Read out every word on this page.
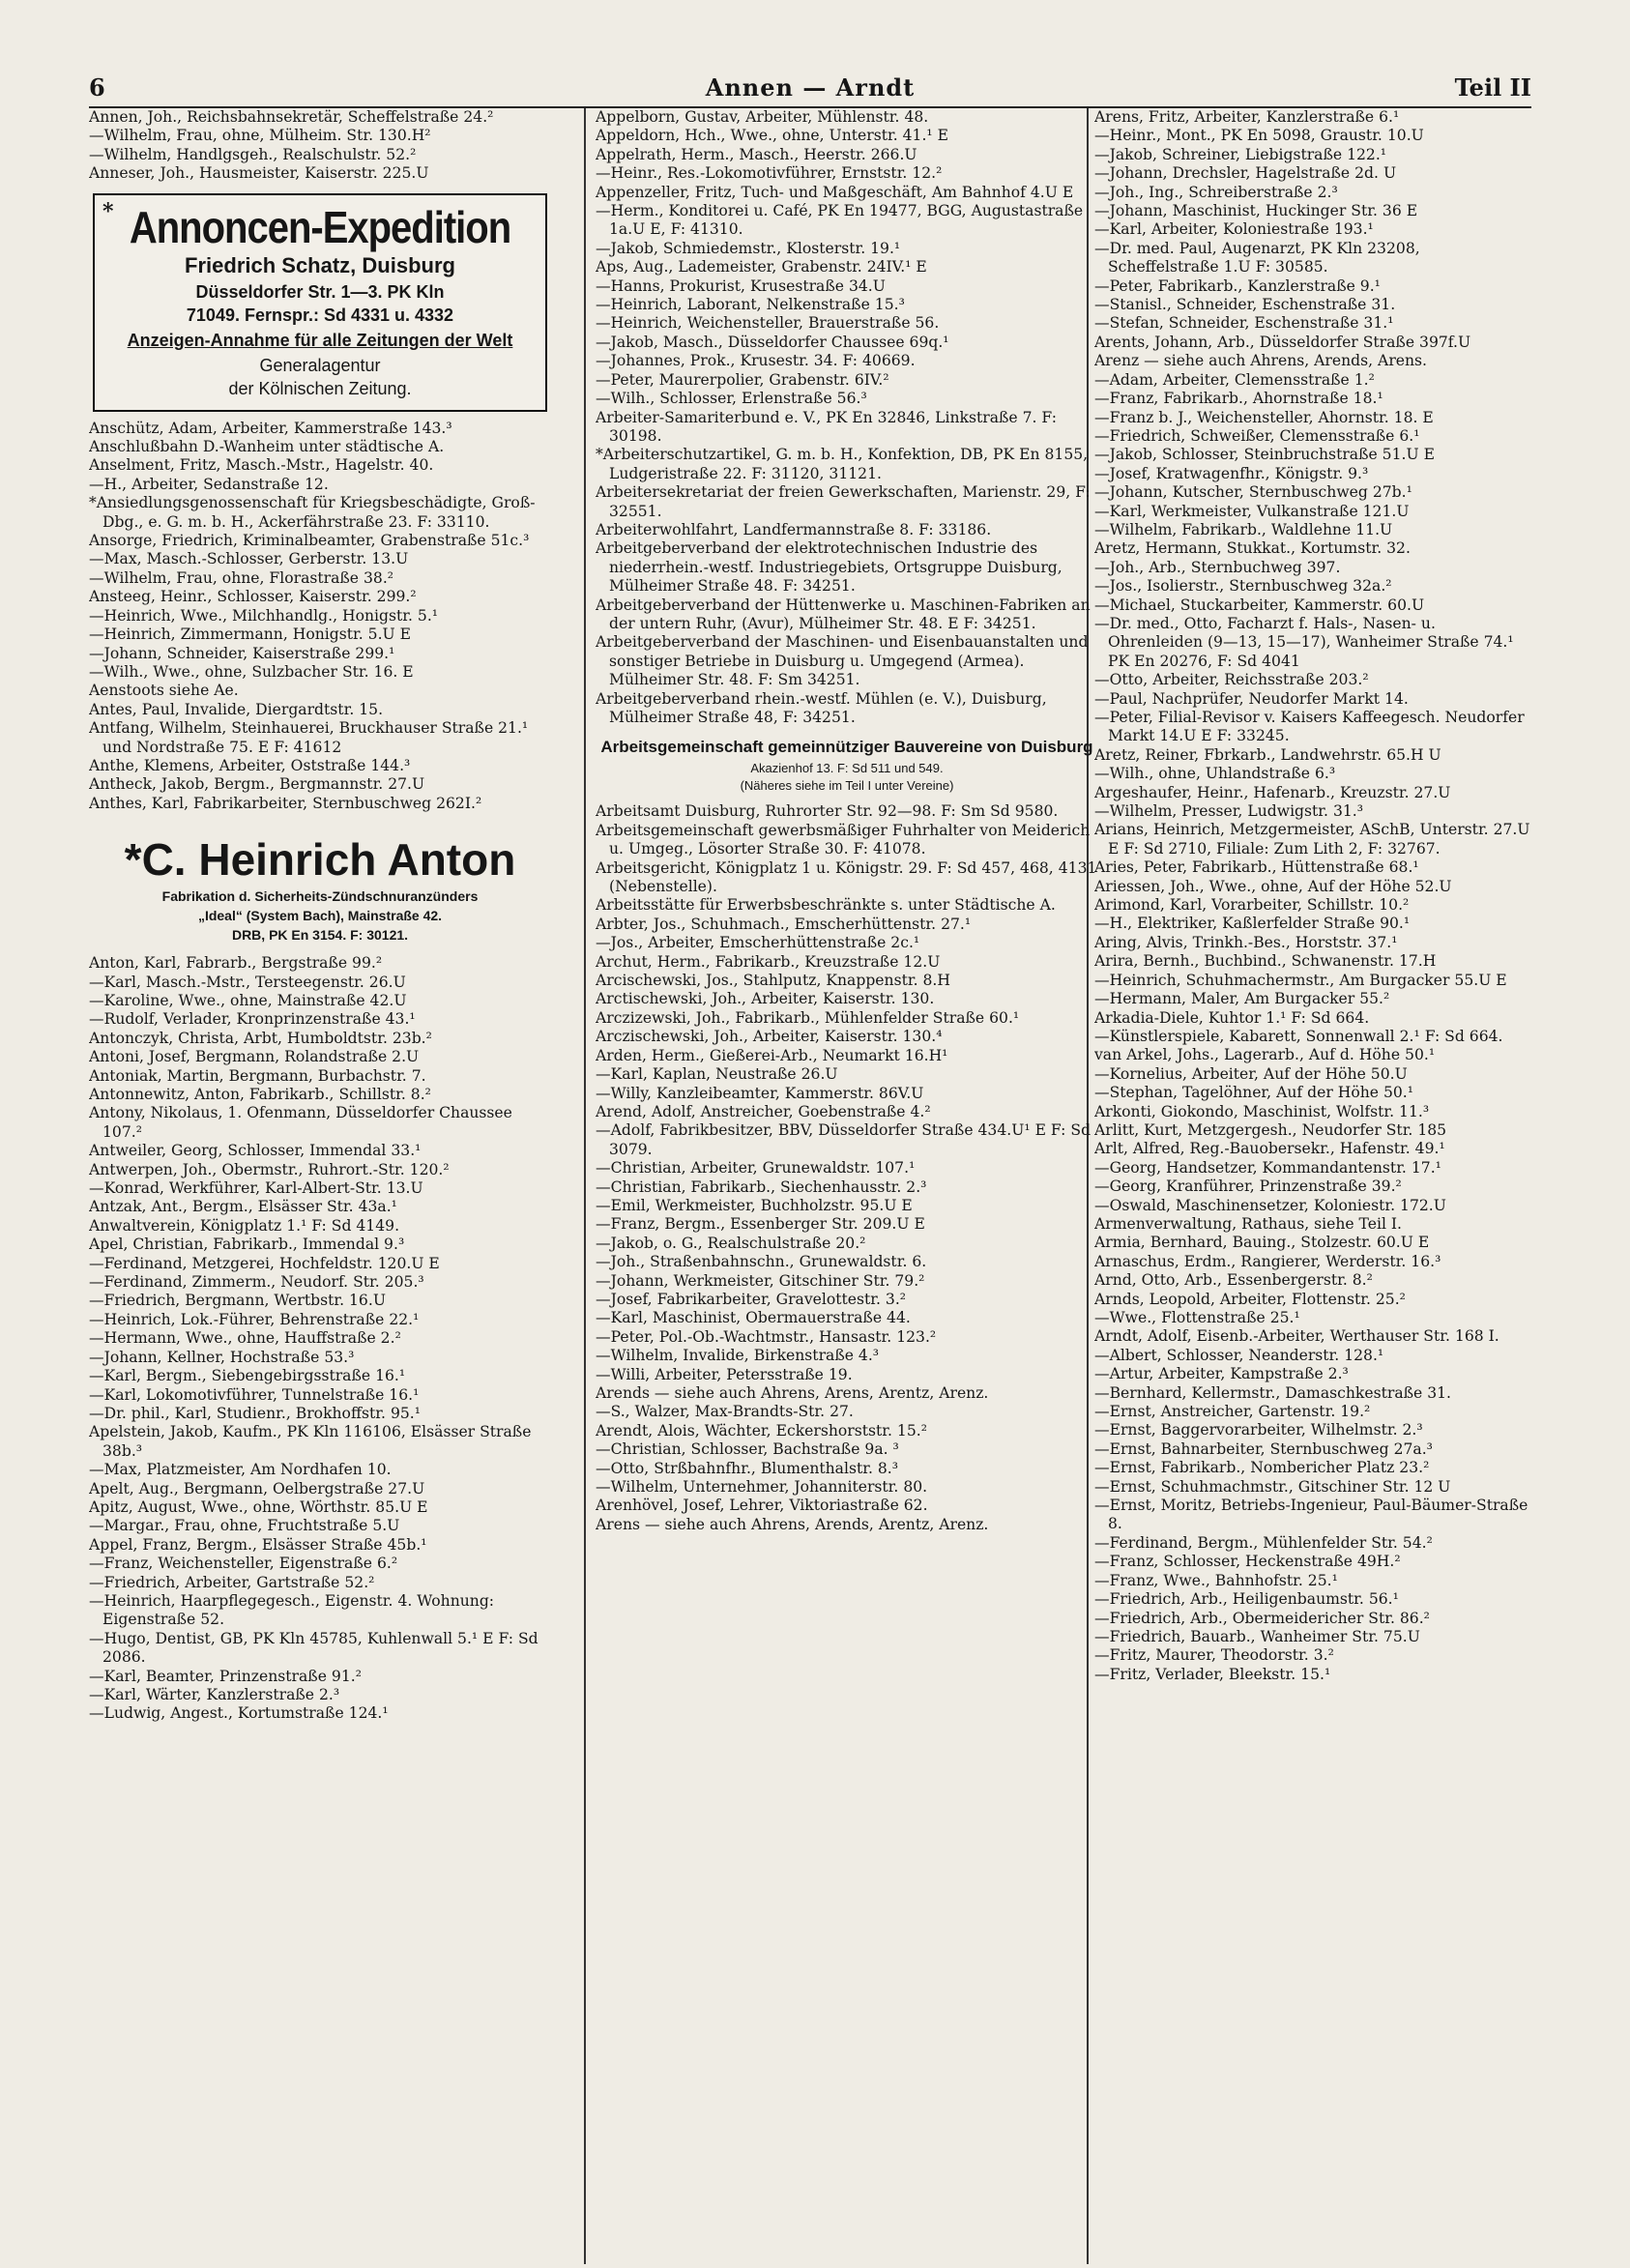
6	Annen — Arndt	Teil II
Annen, Joh., Reichsbahnsekretär, Scheffelstraße 24.²
—Wilhelm, Frau, ohne, Mülheim. Str. 130.H²
—Wilhelm, Handlgsgeh., Realschulstr. 52.²
Anneser, Joh., Hausmeister, Kaiserstr. 225.U
* Annoncen-Expedition
Friedrich Schatz, Duisburg
Düsseldorfer Str. 1—3. PK Kln
71049. Fernspr.: Sd 4331 u. 4332
Anzeigen-Annahme für alle Zeitungen der Welt
Generalagentur
der Kölnischen Zeitung.
Anschütz, Adam, Arbeiter, Kammerstraße 143.³
Anschlußbahn D.-Wanheim unter städtische A.
Anselment, Fritz, Masch.-Mstr., Hagelstr. 40.
—H., Arbeiter, Sedanstraße 12.
*Ansiedlungsgenossenschaft für Kriegsbeschädigte, Groß-Dbg., e. G. m. b. H., Ackerfährstraße 23. F: 33110.
Ansorge, Friedrich, Kriminalbeamter, Grabenstraße 51c.³
—Max, Masch.-Schlosser, Gerberstr. 13.U
—Wilhelm, Frau, ohne, Florastraße 38.²
Ansteeg, Heinr., Schlosser, Kaiserstr. 299.²
—Heinrich, Wwe., Milchhandlg., Honigstr. 5.¹
—Heinrich, Zimmermann, Honigstr. 5.U E
—Johann, Schneider, Kaiserstraße 299.¹
—Wilh., Wwe., ohne, Sulzbacher Str. 16. E
Aenstoots siehe Ae.
Antes, Paul, Invalide, Diergardtstr. 15.
Antfang, Wilhelm, Steinhauerei, Bruckhauser Straße 21.¹ und Nordstraße 75. E F: 41612
Anthe, Klemens, Arbeiter, Oststraße 144.³
Antheck, Jakob, Bergm., Bergmannstr. 27.U
Anthes, Karl, Fabrikarbeiter, Sternbuschweg 262I.²
*C. Heinrich Anton
Fabrikation d. Sicherheits-Zündschnuranzünders
„Ideal“ (System Bach), Mainstraße 42.
DRB, PK En 3154. F: 30121.
Anton, Karl, Fabrarb., Bergstraße 99.²
—Karl, Masch.-Mstr., Tersteegenstr. 26.U
—Karoline, Wwe., ohne, Mainstraße 42.U
—Rudolf, Verlader, Kronprinzenstraße 43.¹
Antonczyk, Christa, Arbt, Humboldtstr. 23b.²
Antoni, Josef, Bergmann, Rolandstraße 2.U
Antoniak, Martin, Bergmann, Burbachstr. 7.
Antonnewitz, Anton, Fabrikarb., Schillstr. 8.²
Antony, Nikolaus, 1. Ofenmann, Düsseldorfer Chaussee 107.²
Antweiler, Georg, Schlosser, Immendal 33.¹
Antwerpen, Joh., Obermstr., Ruhrort.-Str. 120.²
—Konrad, Werkführer, Karl-Albert-Str. 13.U
Antzak, Ant., Bergm., Elsässer Str. 43a.¹
Anwaltverein, Königplatz 1.¹ F: Sd 4149.
Apel, Christian, Fabrikarb., Immendal 9.³
—Ferdinand, Metzgerei, Hochfeldstr. 120.U E
—Ferdinand, Zimmerm., Neudorf. Str. 205.³
—Friedrich, Bergmann, Wertbstr. 16.U
—Heinrich, Lok.-Führer, Behrenstraße 22.¹
—Hermann, Wwe., ohne, Hauffstraße 2.²
—Johann, Kellner, Hochstraße 53.³
—Karl, Bergm., Siebengebirgsstraße 16.¹
—Karl, Lokomotivführer, Tunnelstraße 16.¹
—Dr. phil., Karl, Studienr., Brokhoffstr. 95.¹
Apelstein, Jakob, Kaufm., PK Kln 116106, Elsässer Straße 38b.³
—Max, Platzmeister, Am Nordhafen 10.
Apelt, Aug., Bergmann, Oelbergstraße 27.U
Apitz, August, Wwe., ohne, Wörthstr. 85.U E
—Margar., Frau, ohne, Fruchtstraße 5.U
Appel, Franz, Bergm., Elsässer Straße 45b.¹
—Franz, Weichensteller, Eigenstraße 6.²
—Friedrich, Arbeiter, Gartstraße 52.²
—Heinrich, Haarpflegegesch., Eigenstr. 4. Wohnung: Eigenstraße 52.
—Hugo, Dentist, GB, PK Kln 45785, Kuhlenwall 5.¹ E F: Sd 2086.
—Karl, Beamter, Prinzenstraße 91.²
—Karl, Wärter, Kanzlerstraße 2.³
—Ludwig, Angest., Kortumstraße 124.¹
Appelborn, Gustav, Arbeiter, Mühlenstr. 48.
Appeldorn, Hch., Wwe., ohne, Unterstr. 41.¹ E
Appelrath, Herm., Masch., Heerstr. 266.U
—Heinr., Res.-Lokomotivführer, Ernststr. 12.²
Appenzeller, Fritz, Tuch- und Maßgeschäft, Am Bahnhof 4.U E
—Herm., Konditorei u. Café, PK En 19477, BGG, Augustastraße 1a.U E, F: 41310.
—Jakob, Schmiedemstr., Klosterstr. 19.¹
Aps, Aug., Lademeister, Grabenstr. 24IV.¹ E
—Hanns, Prokurist, Krusestraße 34.U
—Heinrich, Laborant, Nelkenstraße 15.³
—Heinrich, Weichensteller, Brauerstraße 56.
—Jakob, Masch., Düsseldorfer Chaussee 69q.¹
—Johannes, Prok., Krusestr. 34. F: 40669.
—Peter, Maurerpolier, Grabenstr. 6IV.²
—Wilh., Schlosser, Erlenstraße 56.³
Arbeiter-Samariterbund e. V., PK En 32846, Linkstraße 7. F: 30198.
*Arbeiterschutzartikel, G. m. b. H., Konfektion, DB, PK En 8155, Ludgeristraße 22. F: 31120, 31121.
Arbeitersekretariat der freien Gewerkschaften, Marienstr. 29, F: 32551.
Arbeiterwohlfahrt, Landfermannstraße 8. F: 33186.
Arbeitgeberverband der elektrotechnischen Industrie des niederrhein.-westf. Industriegebiets, Ortsgruppe Duisburg, Mülheimer Straße 48. F: 34251.
Arbeitgeberverband der Hüttenwerke u. Maschinen-Fabriken an der untern Ruhr, (Avur), Mülheimer Str. 48. E F: 34251.
Arbeitgeberverband der Maschinen- und Eisenbauanstalten und sonstiger Betriebe in Duisburg u. Umgegend (Armea). Mülheimer Str. 48. F: Sm 34251.
Arbeitgeberverband rhein.-westf. Mühlen (e. V.), Duisburg, Mülheimer Straße 48, F: 34251.
Arbeitsgemeinschaft gemeinnütziger Bauvereine von Duisburg
Akazienhof 13. F: Sd 511 und 549.
(Näheres siehe im Teil I unter Vereine)
Arbeitsamt Duisburg, Ruhrorter Str. 92—98. F: Sm Sd 9580.
Arbeitsgemeinschaft gewerbsmäßiger Fuhrhalter von Meiderich u. Umgeg., Lösorter Straße 30. F: 41078.
Arbeitsgericht, Königplatz 1 u. Königstr. 29. F: Sd 457, 468, 4131 (Nebenstelle).
Arbeitsstätte für Erwerbsbeschränkte s. unter Städtische A.
Arbter, Jos., Schuhmach., Emscherhüttenstr. 27.¹
—Jos., Arbeiter, Emscherhüttenstraße 2c.¹
Archut, Herm., Fabrikarb., Kreuzstraße 12.U
Arcischewski, Jos., Stahlputz, Knappenstr. 8.H
Arctischewski, Joh., Arbeiter, Kaiserstr. 130.
Arczizewski, Joh., Fabrikarb., Mühlenfelder Straße 60.¹
Arczischewski, Joh., Arbeiter, Kaiserstr. 130.⁴
Arden, Herm., Gießerei-Arb., Neumarkt 16.H¹
—Karl, Kaplan, Neustraße 26.U
—Willy, Kanzleibeamter, Kammerstr. 86V.U
Arend, Adolf, Anstreicher, Goebenstraße 4.²
—Adolf, Fabrikbesitzer, BBV, Düsseldorfer Straße 434.U¹ E F: Sd 3079.
—Christian, Arbeiter, Grunewaldstr. 107.¹
—Christian, Fabrikarb., Siechenhausstr. 2.³
—Emil, Werkmeister, Buchholzstr. 95.U E
—Franz, Bergm., Essenberger Str. 209.U E
—Jakob, o. G., Realschulstraße 20.²
—Joh., Straßenbahnschn., Grunewaldstr. 6.
—Johann, Werkmeister, Gitschiner Str. 79.²
—Josef, Fabrikarbeiter, Gravelottestr. 3.²
—Karl, Maschinist, Obermauerstraße 44.
—Peter, Pol.-Ob.-Wachtmstr., Hansastr. 123.²
—Wilhelm, Invalide, Birkenstraße 4.³
—Willi, Arbeiter, Petersstraße 19.
Arends — siehe auch Ahrens, Arens, Arentz, Arenz.
—S., Walzer, Max-Brandts-Str. 27.
Arendt, Alois, Wächter, Eckershorststr. 15.²
—Christian, Schlosser, Bachstraße 9a. ³
—Otto, Strßbahnfhr., Blumenthalstr. 8.³
—Wilhelm, Unternehmer, Johanniterstr. 80.
Arenhövel, Josef, Lehrer, Viktoriastraße 62.
Arens — siehe auch Ahrens, Arends, Arentz, Arenz.
Arens, Fritz, Arbeiter, Kanzlerstraße 6.¹
—Heinr., Mont., PK En 5098, Graustr. 10.U
—Jakob, Schreiner, Liebigstraße 122.¹
—Johann, Drechsler, Hagelstraße 2d. U
—Joh., Ing., Schreiberstraße 2.³
—Johann, Maschinist, Huckinger Str. 36 E
—Karl, Arbeiter, Koloniestraße 193.¹
—Dr. med. Paul, Augenarzt, PK Kln 23208, Scheffelstraße 1.U F: 30585.
—Peter, Fabrikarb., Kanzlerstraße 9.¹
—Stanisl., Schneider, Eschenstraße 31.
—Stefan, Schneider, Eschenstraße 31.¹
Arents, Johann, Arb., Düsseldorfer Straße 397f.U
Arenz — siehe auch Ahrens, Arends, Arens.
—Adam, Arbeiter, Clemensstraße 1.²
—Franz, Fabrikarb., Ahornstraße 18.¹
—Franz b. J., Weichensteller, Ahornstr. 18. E
—Friedrich, Schweißer, Clemensstraße 6.¹
—Jakob, Schlosser, Steinbruchstraße 51.U E
—Josef, Kratwagenfhr., Königstr. 9.³
—Johann, Kutscher, Sternbuschweg 27b.¹
—Karl, Werkmeister, Vulkanstraße 121.U
—Wilhelm, Fabrikarb., Waldlehne 11.U
Aretz, Hermann, Stukkat., Kortumstr. 32.
—Joh., Arb., Sternbuchweg 397.
—Jos., Isolierstr., Sternbuschweg 32a.²
—Michael, Stuckarbeiter, Kammerstr. 60.U
—Dr. med., Otto, Facharzt f. Hals-, Nasen- u. Ohrenleiden (9—13, 15—17), Wanheimer Straße 74.¹ PK En 20276, F: Sd 4041
—Otto, Arbeiter, Reichsstraße 203.²
—Paul, Nachprüfer, Neudorfer Markt 14.
—Peter, Filial-Revisor v. Kaisers Kaffeegesch. Neudorfer Markt 14.U E F: 33245.
Aretz, Reiner, Fbrkarb., Landwehrstr. 65.H U
—Wilh., ohne, Uhlandstraße 6.³
Argeshaufer, Heinr., Hafenarb., Kreuzstr. 27.U
—Wilhelm, Presser, Ludwigstr. 31.³
Arians, Heinrich, Metzgermeister, ASchB, Unterstr. 27.U E F: Sd 2710, Filiale: Zum Lith 2, F: 32767.
Aries, Peter, Fabrikarb., Hüttenstraße 68.¹
Ariessen, Joh., Wwe., ohne, Auf der Höhe 52.U
Arimond, Karl, Vorarbeiter, Schillstr. 10.²
—H., Elektriker, Kaßlerfelder Straße 90.¹
Aring, Alvis, Trinkh.-Bes., Horststr. 37.¹
Arira, Bernh., Buchbind., Schwanenstr. 17.H
—Heinrich, Schuhmachermstr., Am Burgacker 55.U E
—Hermann, Maler, Am Burgacker 55.²
Arkadia-Diele, Kuhtor 1.¹ F: Sd 664.
—Künstlerspiele, Kabarett, Sonnenwall 2.¹ F: Sd 664.
van Arkel, Johs., Lagerarb., Auf d. Höhe 50.¹
—Kornelius, Arbeiter, Auf der Höhe 50.U
—Stephan, Tagelöhner, Auf der Höhe 50.¹
Arkonti, Giokondo, Maschinist, Wolfstr. 11.³
Arlitt, Kurt, Metzgergesh., Neudorfer Str. 185
Arlt, Alfred, Reg.-Bauobersekr., Hafenstr. 49.¹
—Georg, Handsetzer, Kommandantenstr. 17.¹
—Georg, Kranführer, Prinzenstraße 39.²
—Oswald, Maschinensetzer, Koloniestr. 172.U
Armenverwaltung, Rathaus, siehe Teil I.
Armia, Bernhard, Bauing., Stolzestr. 60.U E
Arnaschus, Erdm., Rangierer, Werderstr. 16.³
Arnd, Otto, Arb., Essenbergerstr. 8.²
Arnds, Leopold, Arbeiter, Flottenstr. 25.²
—Wwe., Flottenstraße 25.¹
Arndt, Adolf, Eisenb.-Arbeiter, Werthauser Str. 168 I.
—Albert, Schlosser, Neanderstr. 128.¹
—Artur, Arbeiter, Kampstraße 2.³
—Bernhard, Kellermstr., Damaschkestraße 31.
—Ernst, Anstreicher, Gartenstr. 19.²
—Ernst, Baggervorarbeiter, Wilhelmstr. 2.³
—Ernst, Bahnarbeiter, Sternbuschweg 27a.³
—Ernst, Fabrikarb., Nombericher Platz 23.²
—Ernst, Schuhmachmstr., Gitschiner Str. 12 U
—Ernst, Moritz, Betriebs-Ingenieur, Paul-Bäumer-Straße 8.
—Ferdinand, Bergm., Mühlenfelder Str. 54.²
—Franz, Schlosser, Heckenstraße 49H.²
—Franz, Wwe., Bahnhofstr. 25.¹
—Friedrich, Arb., Heiligenbaumstr. 56.¹
—Friedrich, Arb., Obermeidericher Str. 86.²
—Friedrich, Bauarb., Wanheimer Str. 75.U
—Fritz, Maurer, Theodorstr. 3.²
—Fritz, Verlader, Bleekstr. 15.¹
